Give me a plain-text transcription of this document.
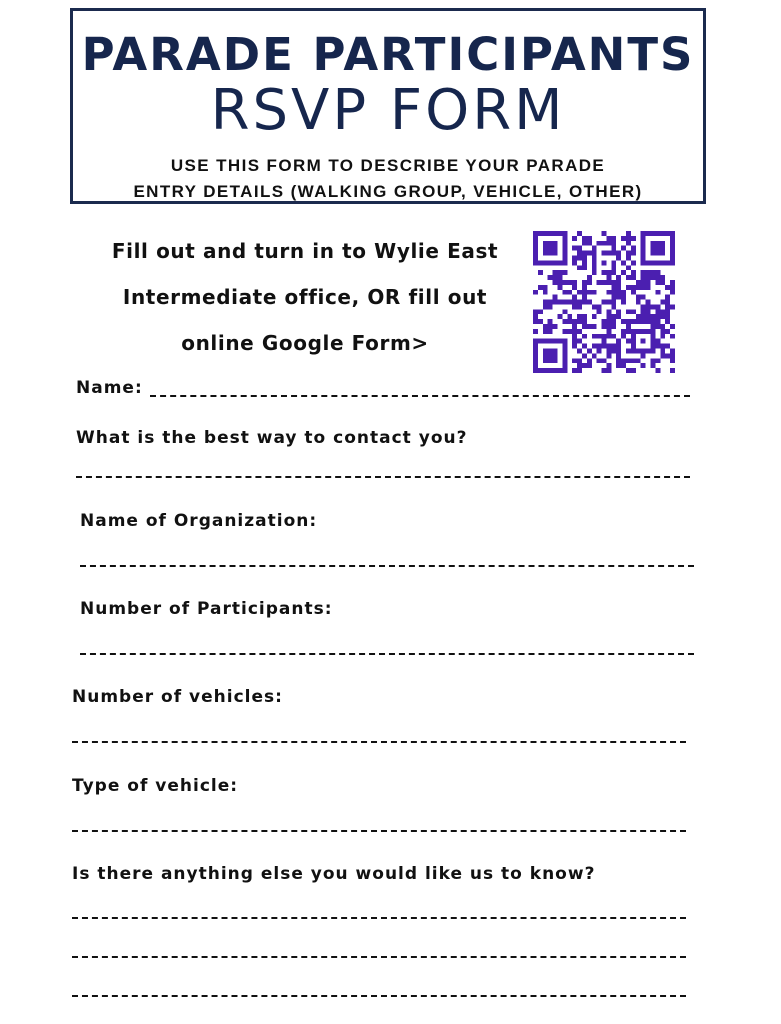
PARADE PARTICIPANTS
RSVP FORM
USE THIS FORM TO DESCRIBE YOUR PARADE
ENTRY DETAILS (WALKING GROUP, VEHICLE, OTHER)
Fill out and turn in to Wylie East
Intermediate office, OR fill out
online Google Form>
Name:
What is the best way to contact you?
Name of Organization:
Number of Participants:
Number of vehicles:
Type of vehicle:
Is there anything else you would like us to know?
